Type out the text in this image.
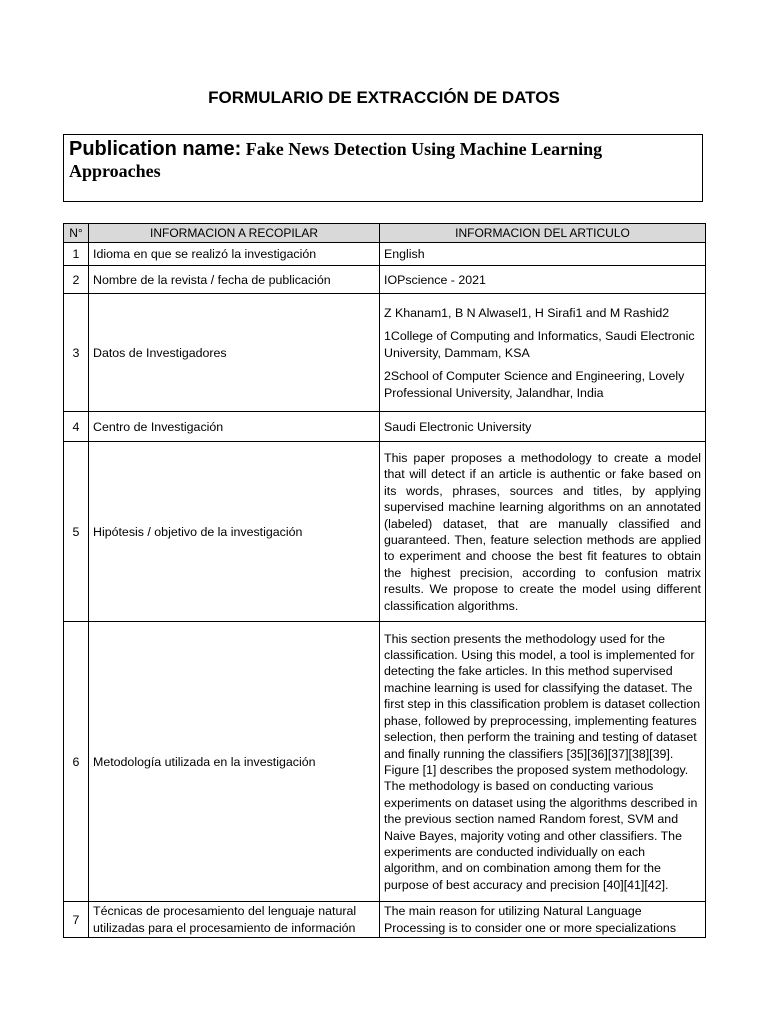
FORMULARIO DE EXTRACCIÓN DE DATOS
Publication name: Fake News Detection Using Machine Learning Approaches
N°	INFORMACION A RECOPILAR	INFORMACION DEL ARTICULO
1	Idioma en que se realizó la investigación	English
2	Nombre de la revista / fecha de publicación	IOPscience - 2021
3	Datos de Investigadores	Z Khanam1, B N Alwasel1, H Sirafi1 and M Rashid2
1College of Computing and Informatics, Saudi Electronic University, Dammam, KSA
2School of Computer Science and Engineering, Lovely Professional University, Jalandhar, India

4	Centro de Investigación	Saudi Electronic University
5	Hipótesis / objetivo de la investigación	This paper proposes a methodology to create a model that will detect if an article is authentic or fake based on its words, phrases, sources and titles, by applying supervised machine learning algorithms on an annotated (labeled) dataset, that are manually classified and guaranteed. Then, feature selection methods are applied to experiment and choose the best fit features to obtain the highest precision, according to confusion matrix results. We propose to create the model using different classification algorithms.
6	Metodología utilizada en la investigación	This section presents the methodology used for the classification. Using this model, a tool is implemented for detecting the fake articles. In this method supervised machine learning is used for classifying the dataset. The first step in this classification problem is dataset collection phase, followed by preprocessing, implementing features selection, then perform the training and testing of dataset and finally running the classifiers [35][36][37][38][39]. Figure [1] describes the proposed system methodology. The methodology is based on conducting various experiments on dataset using the algorithms described in the previous section named Random forest, SVM and Naive Bayes, majority voting and other classifiers. The experiments are conducted individually on each algorithm, and on combination among them for the purpose of best accuracy and precision [40][41][42].
7	Técnicas de procesamiento del lenguaje natural utilizadas para el procesamiento de información	The main reason for utilizing Natural Language Processing is to consider one or more specializations
